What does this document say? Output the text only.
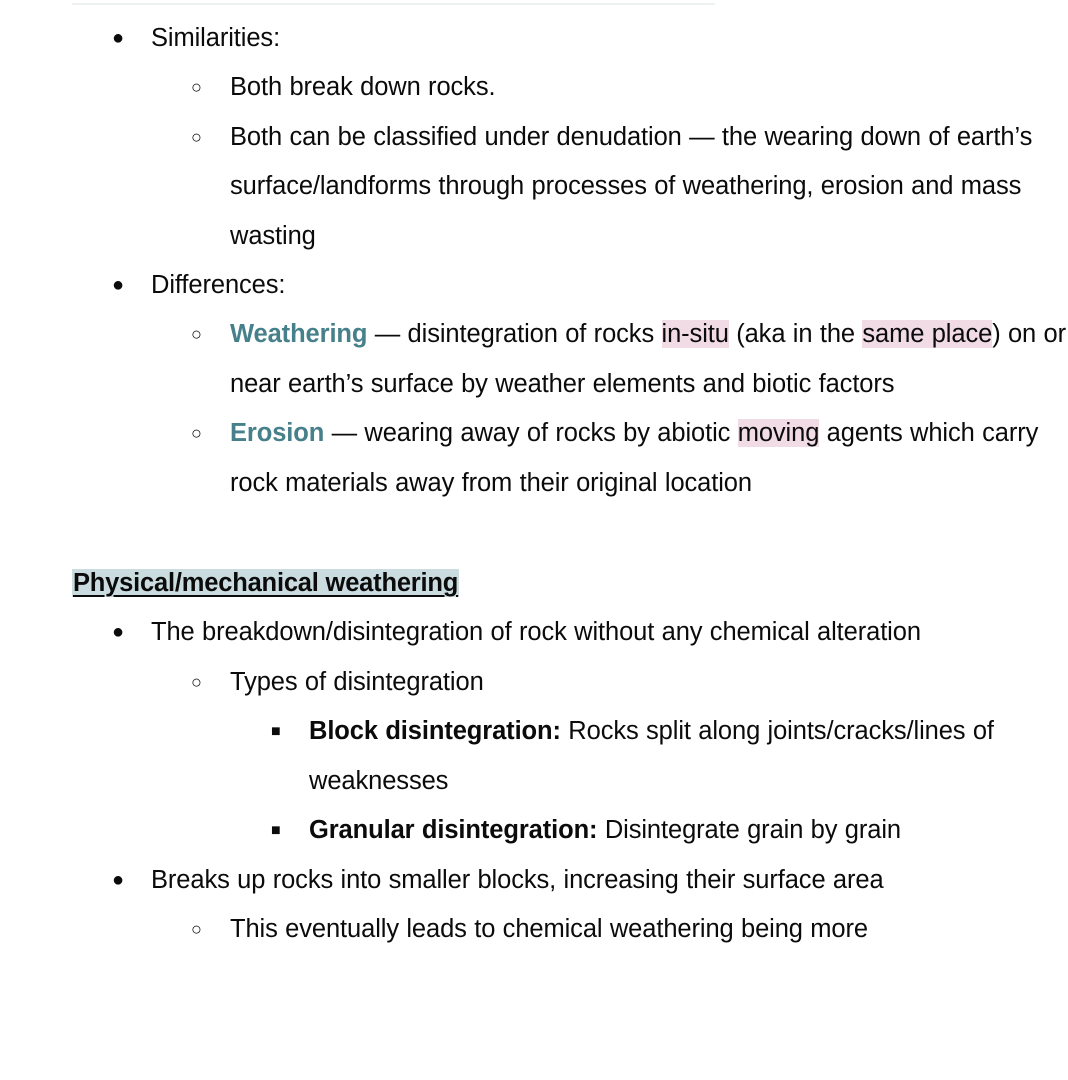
● Similarities:
○ Both break down rocks.
○ Both can be classified under denudation — the wearing down of earth’s surface/landforms through processes of weathering, erosion and mass wasting
● Differences:
○ Weathering — disintegration of rocks in-situ (aka in the same place) on or near earth’s surface by weather elements and biotic factors
○ Erosion — wearing away of rocks by abiotic moving agents which carry rock materials away from their original location
Physical/mechanical weathering
● The breakdown/disintegration of rock without any chemical alteration
○ Types of disintegration
■ Block disintegration: Rocks split along joints/cracks/lines of weaknesses
■ Granular disintegration: Disintegrate grain by grain
● Breaks up rocks into smaller blocks, increasing their surface area
○ This eventually leads to chemical weathering being more
